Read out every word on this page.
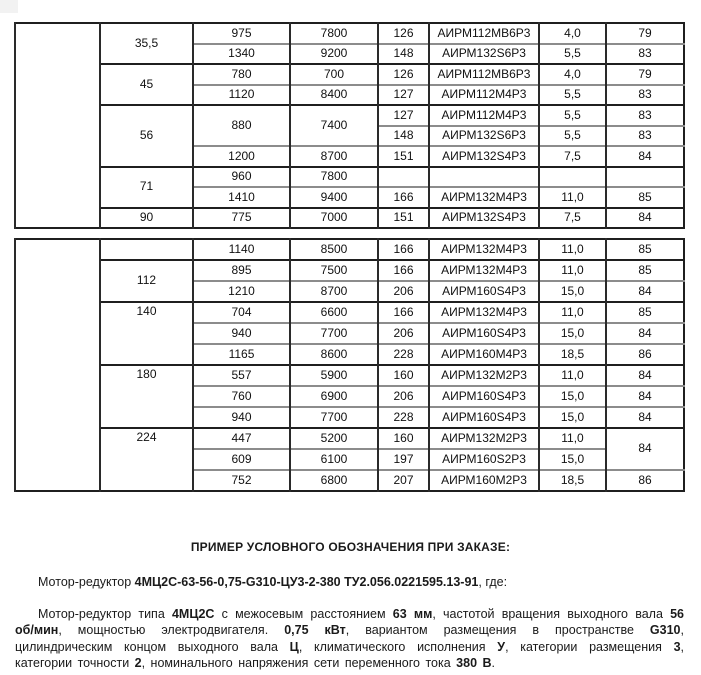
	35,5	975	7800	126	АИРМ112МВ6Р3	4,0	79
		1340	9200	148	АИРМ132S6Р3	5,5	83
	45	780	700	126	АИРМ112МВ6Р3	4,0	79
		1120	8400	127	АИРМ112М4Р3	5,5	83
	56	880	7400	127	АИРМ112М4Р3	5,5	83
				148	АИРМ132S6Р3	5,5	83
		1200	8700	151	АИРМ132S4Р3	7,5	84
	71	960	7800				
		1410	9400	166	АИРМ132М4Р3	11,0	85
	90	775	7000	151	АИРМ132S4Р3	7,5	84
		1140	8500	166	АИРМ132М4Р3	11,0	85
	112	895	7500	166	АИРМ132М4Р3	11,0	85
		1210	8700	206	АИРМ160S4Р3	15,0	84
	140	704	6600	166	АИРМ132М4Р3	11,0	85
		940	7700	206	АИРМ160S4Р3	15,0	84
		1165	8600	228	АИРМ160М4Р3	18,5	86
	180	557	5900	160	АИРМ132М2Р3	11,0	84
		760	6900	206	АИРМ160S4Р3	15,0	84
		940	7700	228	АИРМ160S4Р3	15,0	84
	224	447	5200	160	АИРМ132М2Р3	11,0	84
		609	6100	197	АИРМ160S2Р3	15,0	
		752	6800	207	АИРМ160М2Р3	18,5	86
ПРИМЕР УСЛОВНОГО ОБОЗНАЧЕНИЯ ПРИ ЗАКАЗЕ:
Мотор-редуктор 4МЦ2С-63-56-0,75-G310-ЦУ3-2-380 ТУ2.056.0221595.13-91, где:
Мотор-редуктор типа 4МЦ2С с межосевым расстоянием 63 мм, частотой вращения выходного вала 56 об/мин, мощностью электродвигателя. 0,75 кВт, вариантом размещения в пространстве G310, цилиндрическим концом выходного вала Ц, климатического исполнения У, категории размещения 3, категории точности 2, номинального напряжения сети переменного тока 380 В.
